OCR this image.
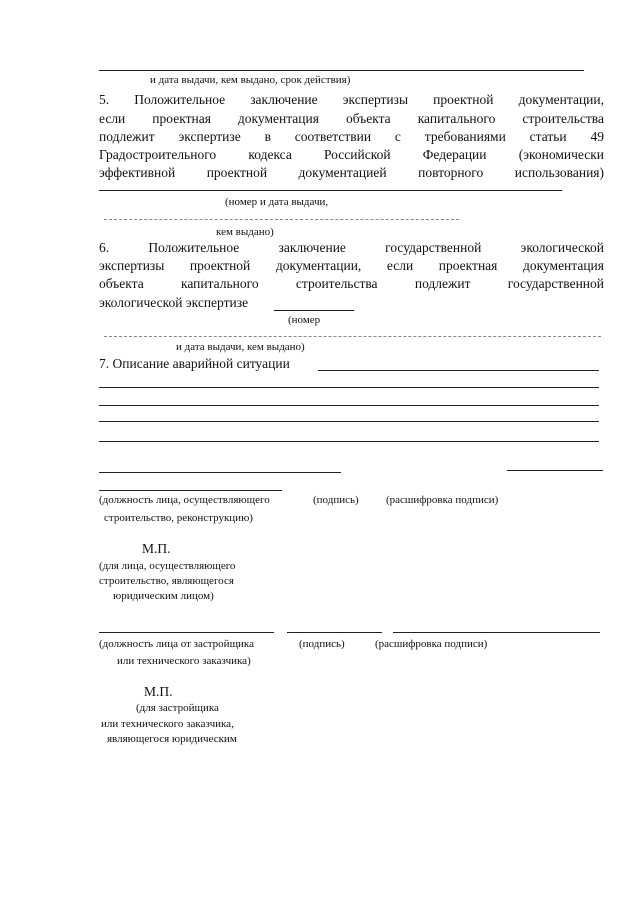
и дата выдачи, кем выдано, срок действия)
5. Положительное заключение экспертизы проектной документации,
если проектная документация объекта капитального строительства
подлежит экспертизе в соответствии с требованиями статьи 49
Градостроительного кодекса Российской Федерации (экономически
эффективной проектной документацией повторного использования)
(номер и дата выдачи,
кем выдано)
6. Положительное заключение государственной экологической
экспертизы проектной документации, если проектная документация
объекта капитального строительства подлежит государственной
экологической экспертизе
(номер
и дата выдачи, кем выдано)
7. Описание аварийной ситуации
(должность лица, осуществляющего	(подпись) (расшифровка подписи)
строительство, реконструкцию)
М.П.
(для лица, осуществляющего
строительство, являющегося
юридическим лицом)
(должность лица от застройщика	(подпись)	(расшифровка подписи)
или технического заказчика)
М.П.
(для застройщика
или технического заказчика,
являющегося юридическим
